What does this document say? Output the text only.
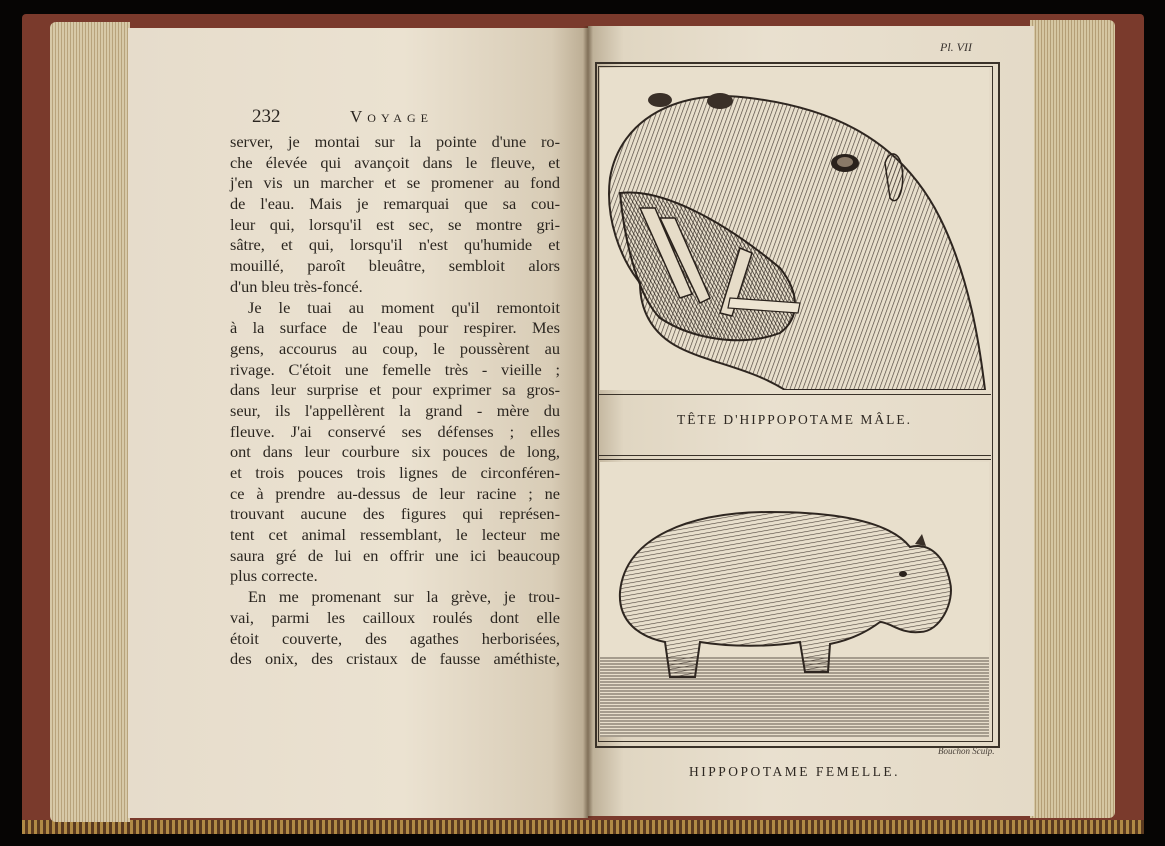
232	Voyage
server, je montai sur la pointe d'une ro-
che élevée qui avançoit dans le fleuve, et
j'en vis un marcher et se promener au fond
de l'eau. Mais je remarquai que sa cou-
leur qui, lorsqu'il est sec, se montre gri-
sâtre, et qui, lorsqu'il n'est qu'humide et
mouillé, paroît bleuâtre, sembloit alors
d'un bleu très-foncé.
Je le tuai au moment qu'il remontoit
à la surface de l'eau pour respirer. Mes
gens, accourus au coup, le poussèrent au
rivage. C'étoit une femelle très - vieille ;
dans leur surprise et pour exprimer sa gros-
seur, ils l'appellèrent la grand - mère du
fleuve. J'ai conservé ses défenses ; elles
ont dans leur courbure six pouces de long,
et trois pouces trois lignes de circonféren-
ce à prendre au-dessus de leur racine ; ne
trouvant aucune des figures qui représen-
tent cet animal ressemblant, le lecteur me
saura gré de lui en offrir une ici beaucoup
plus correcte.
En me promenant sur la grève, je trou-
vai, parmi les cailloux roulés dont elle
étoit couverte, des agathes herborisées,
des onix, des cristaux de fausse améthiste,
Pl. VII
TÊTE D'HIPPOPOTAME MÂLE.
Bouchon Sculp.
HIPPOPOTAME FEMELLE.
